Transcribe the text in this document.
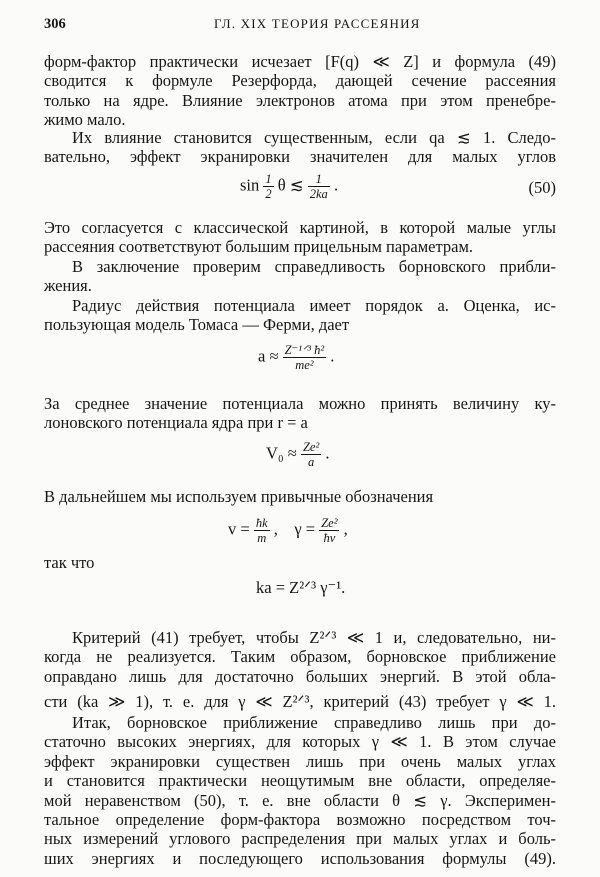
306	ГЛ. XIX ТЕОРИЯ РАССЕЯНИЯ
форм-фактор практически исчезает [F(q) ≪ Z] и формула (49)
сводится к формуле Резерфорда, дающей сечение рассеяния
только на ядре. Влияние электронов атома при этом пренебре-
жимо мало.
Их влияние становится существенным, если qa ≲ 1. Следо-
вательно, эффект экранировки значителен для малых углов
$\sin \frac{1}{2}$ θ ≲ $\frac{1}{2ka}$ .	(50)
Это согласуется с классической картиной, в которой малые углы
рассеяния соответствуют большим прицельным параметрам.
В заключение проверим справедливость борновского прибли-
жения.
Радиус действия потенциала имеет порядок a. Оценка, ис-
пользующая модель Томаса — Ферми, дает
$a \approx \frac{\text{Z⁻¹ᐟ³ ħ²}}{\text{me²}}$ .
За среднее значение потенциала можно принять величину ку-
лоновского потенциала ядра при r = a
$V_0 \approx \frac{\text{Ze²}}{a}$ .
В дальнейшем мы используем привычные обозначения
$v = \frac{ħk}{m}$ , $\gamma = \frac{\text{Ze²}}{ħv}$ ,
так что
ka = Z²ᐟ³ γ⁻¹.
Критерий (41) требует, чтобы Z²ᐟ³ ≪ 1 и, следовательно, ни-
когда не реализуется. Таким образом, борновское приближение
оправдано лишь для достаточно больших энергий. В этой обла-
сти (ka ≫ 1), т. е. для γ ≪ Z²ᐟ³, критерий (43) требует γ ≪ 1.
Итак, борновское приближение справедливо лишь при до-
статочно высоких энергиях, для которых γ ≪ 1. В этом случае
эффект экранировки существен лишь при очень малых углах
и становится практически неощутимым вне области, определяе-
мой неравенством (50), т. е. вне области θ ≲ γ. Эксперимен-
тальное определение форм-фактора возможно посредством точ-
ных измерений углового распределения при малых углах и боль-
ших энергиях и последующего использования формулы (49).
